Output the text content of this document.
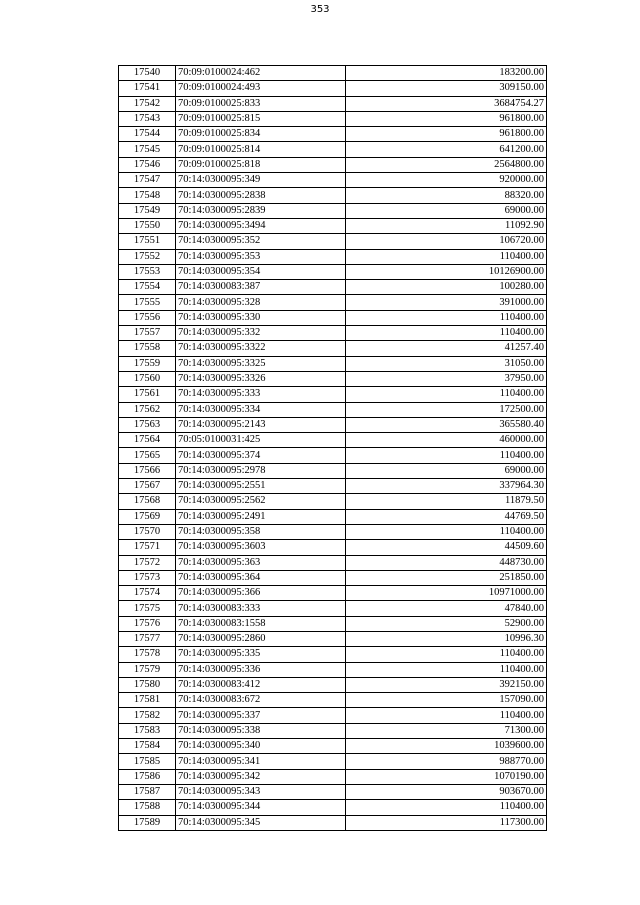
353
17540	70:09:0100024:462	183200.00
17541	70:09:0100024:493	309150.00
17542	70:09:0100025:833	3684754.27
17543	70:09:0100025:815	961800.00
17544	70:09:0100025:834	961800.00
17545	70:09:0100025:814	641200.00
17546	70:09:0100025:818	2564800.00
17547	70:14:0300095:349	920000.00
17548	70:14:0300095:2838	88320.00
17549	70:14:0300095:2839	69000.00
17550	70:14:0300095:3494	11092.90
17551	70:14:0300095:352	106720.00
17552	70:14:0300095:353	110400.00
17553	70:14:0300095:354	10126900.00
17554	70:14:0300083:387	100280.00
17555	70:14:0300095:328	391000.00
17556	70:14:0300095:330	110400.00
17557	70:14:0300095:332	110400.00
17558	70:14:0300095:3322	41257.40
17559	70:14:0300095:3325	31050.00
17560	70:14:0300095:3326	37950.00
17561	70:14:0300095:333	110400.00
17562	70:14:0300095:334	172500.00
17563	70:14:0300095:2143	365580.40
17564	70:05:0100031:425	460000.00
17565	70:14:0300095:374	110400.00
17566	70:14:0300095:2978	69000.00
17567	70:14:0300095:2551	337964.30
17568	70:14:0300095:2562	11879.50
17569	70:14:0300095:2491	44769.50
17570	70:14:0300095:358	110400.00
17571	70:14:0300095:3603	44509.60
17572	70:14:0300095:363	448730.00
17573	70:14:0300095:364	251850.00
17574	70:14:0300095:366	10971000.00
17575	70:14:0300083:333	47840.00
17576	70:14:0300083:1558	52900.00
17577	70:14:0300095:2860	10996.30
17578	70:14:0300095:335	110400.00
17579	70:14:0300095:336	110400.00
17580	70:14:0300083:412	392150.00
17581	70:14:0300083:672	157090.00
17582	70:14:0300095:337	110400.00
17583	70:14:0300095:338	71300.00
17584	70:14:0300095:340	1039600.00
17585	70:14:0300095:341	988770.00
17586	70:14:0300095:342	1070190.00
17587	70:14:0300095:343	903670.00
17588	70:14:0300095:344	110400.00
17589	70:14:0300095:345	117300.00
